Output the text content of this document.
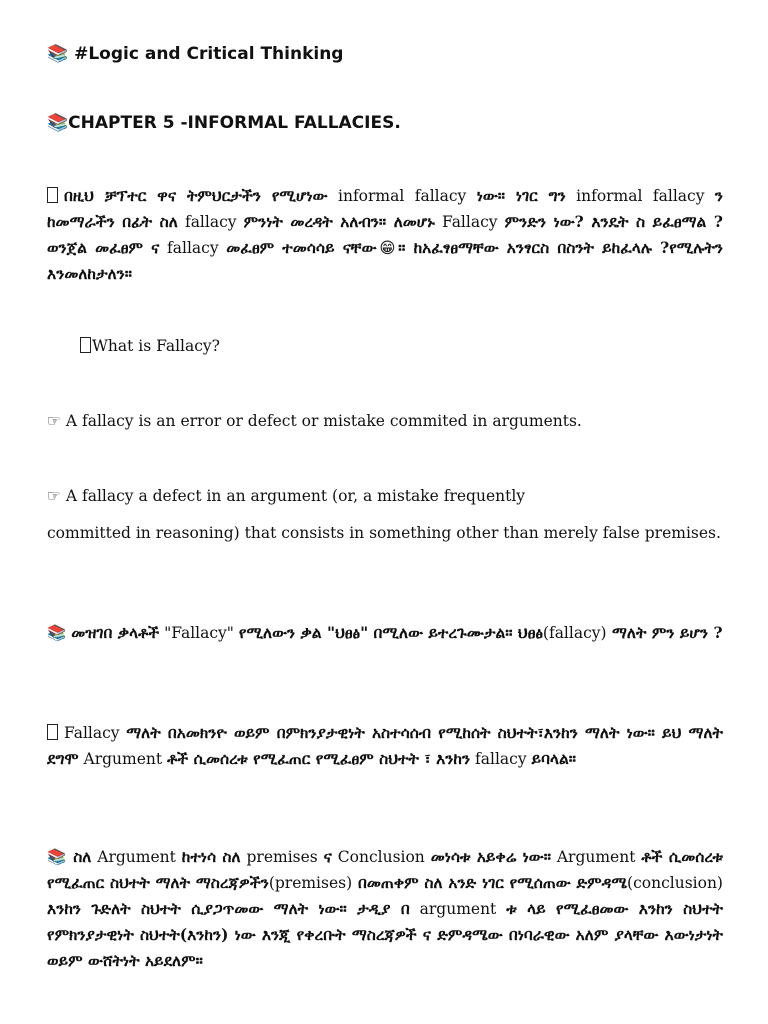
📚 #Logic and Critical Thinking
📚CHAPTER 5 -INFORMAL FALLACIES.
በዚህ ቻፕተር ዋና ትምህርታችን የሚሆነው informal fallacy ነው። ነገር ግን informal fallacy ን ከመማራችን በፊት ስለ fallacy ምንነት መረዳት አለብን። ለመሆኑ Fallacy ምንድን ነው? እንዴት ስ ይፈፀማል ?ወንጀል መፈፀም ና fallacy መፈፀም ተመሳሳይ ናቸው😁። ከአፈፃፀማቸው አንፃርስ በስንት ይከፈላሉ ?የሚሉትን እንመለከታለን።
What is Fallacy?
☞ A fallacy is an error or defect or mistake commited in arguments.
☞ A fallacy a defect in an argument (or, a mistake frequently
committed in reasoning) that consists in something other than merely false premises.
📚 መዝገበ ቃላቶች "Fallacy" የሚለውን ቃል "ህፀፅ" በሚለው ይተረጉሙታል። ህፀፅ(fallacy) ማለት ምን ይሆን ?
Fallacy ማለት በአመክንዮ ወይም በምክንያታዊነት አስተሳሰብ የሚከሰት ስህተት፣እንከን ማለት ነው። ይህ ማለት ደግሞ Argument ቶች ሲመሰረቱ የሚፈጠር የሚፈፀም ስህተት ፣ እንከን fallacy ይባላል።
📚 ስለ Argument ከተነሳ ስለ premises ና Conclusion መነሳቱ አይቀሬ ነው። Argument ቶች ሲመሰረቱ የሚፈጠር ስህተት ማለት ማስረጃዎችን(premises) በመጠቀም ስለ አንድ ነገር የሚሰጠው ድምዳሜ(conclusion) እንከን ጉድለት ስህተት ሲያጋጥመው ማለት ነው። ታዲያ በ argument ቱ ላይ የሚፈፀመው እንከን ስህተት የምክንያታዊነት ስህተት(እንከን) ነው እንጂ የቀረቡት ማስረጃዎች ና ድምዳሜው በነባራዊው አለም ያላቸው እውነታነት ወይም ውሸትነት አይደለም።
